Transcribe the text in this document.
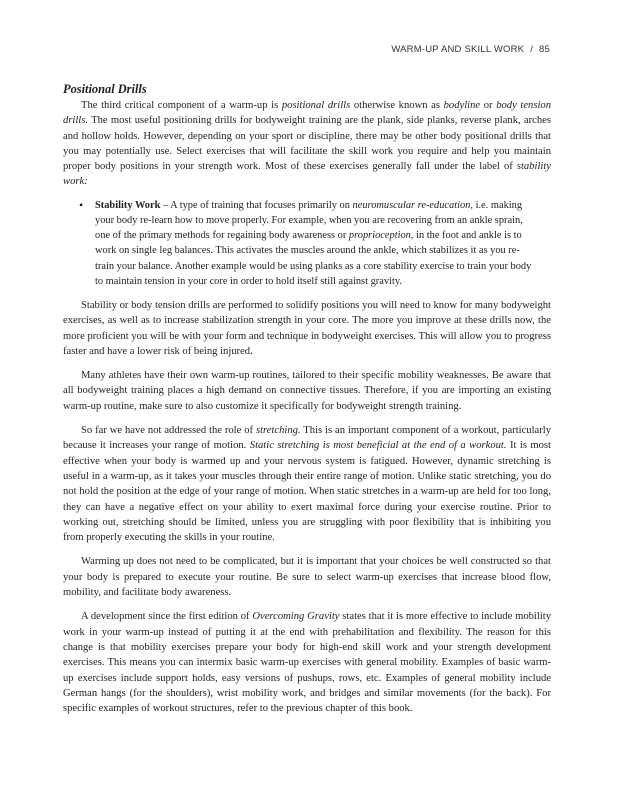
WARM-UP AND SKILL WORK / 85
Positional Drills

The third critical component of a warm-up is positional drills otherwise known as bodyline or body tension drills. The most useful positioning drills for bodyweight training are the plank, side planks, reverse plank, arches and hollow holds. However, depending on your sport or discipline, there may be other body positional drills that you may potentially use. Select exercises that will facilitate the skill work you require and help you maintain proper body positions in your strength work. Most of these exercises generally fall under the label of stability work:

• Stability Work – A type of training that focuses primarily on neuromuscular re-education, i.e. making your body re-learn how to move properly. For example, when you are recovering from an ankle sprain, one of the primary methods for regaining body awareness or proprioception, in the foot and ankle is to work on single leg balances. This activates the muscles around the ankle, which stabilizes it as you re-train your balance. Another example would be using planks as a core stability exercise to train your body to maintain tension in your core in order to hold itself still against gravity.

Stability or body tension drills are performed to solidify positions you will need to know for many bodyweight exercises, as well as to increase stabilization strength in your core. The more you improve at these drills now, the more proficient you will be with your form and technique in bodyweight exercises. This will allow you to progress faster and have a lower risk of being injured.

Many athletes have their own warm-up routines, tailored to their specific mobility weaknesses. Be aware that all bodyweight training places a high demand on connective tissues. Therefore, if you are importing an existing warm-up routine, make sure to also customize it specifically for bodyweight strength training.

So far we have not addressed the role of stretching. This is an important component of a workout, particularly because it increases your range of motion. Static stretching is most beneficial at the end of a workout. It is most effective when your body is warmed up and your nervous system is fatigued. However, dynamic stretching is useful in a warm-up, as it takes your muscles through their entire range of motion. Unlike static stretching, you do not hold the position at the edge of your range of motion. When static stretches in a warm-up are held for too long, they can have a negative effect on your ability to exert maximal force during your exercise routine. Prior to working out, stretching should be limited, unless you are struggling with poor flexibility that is inhibiting you from properly executing the skills in your routine.

Warming up does not need to be complicated, but it is important that your choices be well constructed so that your body is prepared to execute your routine. Be sure to select warm-up exercises that increase blood flow, mobility, and facilitate body awareness.

A development since the first edition of Overcoming Gravity states that it is more effective to include mobility work in your warm-up instead of putting it at the end with prehabilitation and flexibility. The reason for this change is that mobility exercises prepare your body for high-end skill work and your strength development exercises. This means you can intermix basic warm-up exercises with general mobility. Examples of basic warm-up exercises include support holds, easy versions of pushups, rows, etc. Examples of general mobility include German hangs (for the shoulders), wrist mobility work, and bridges and similar movements (for the back). For specific examples of workout structures, refer to the previous chapter of this book.
